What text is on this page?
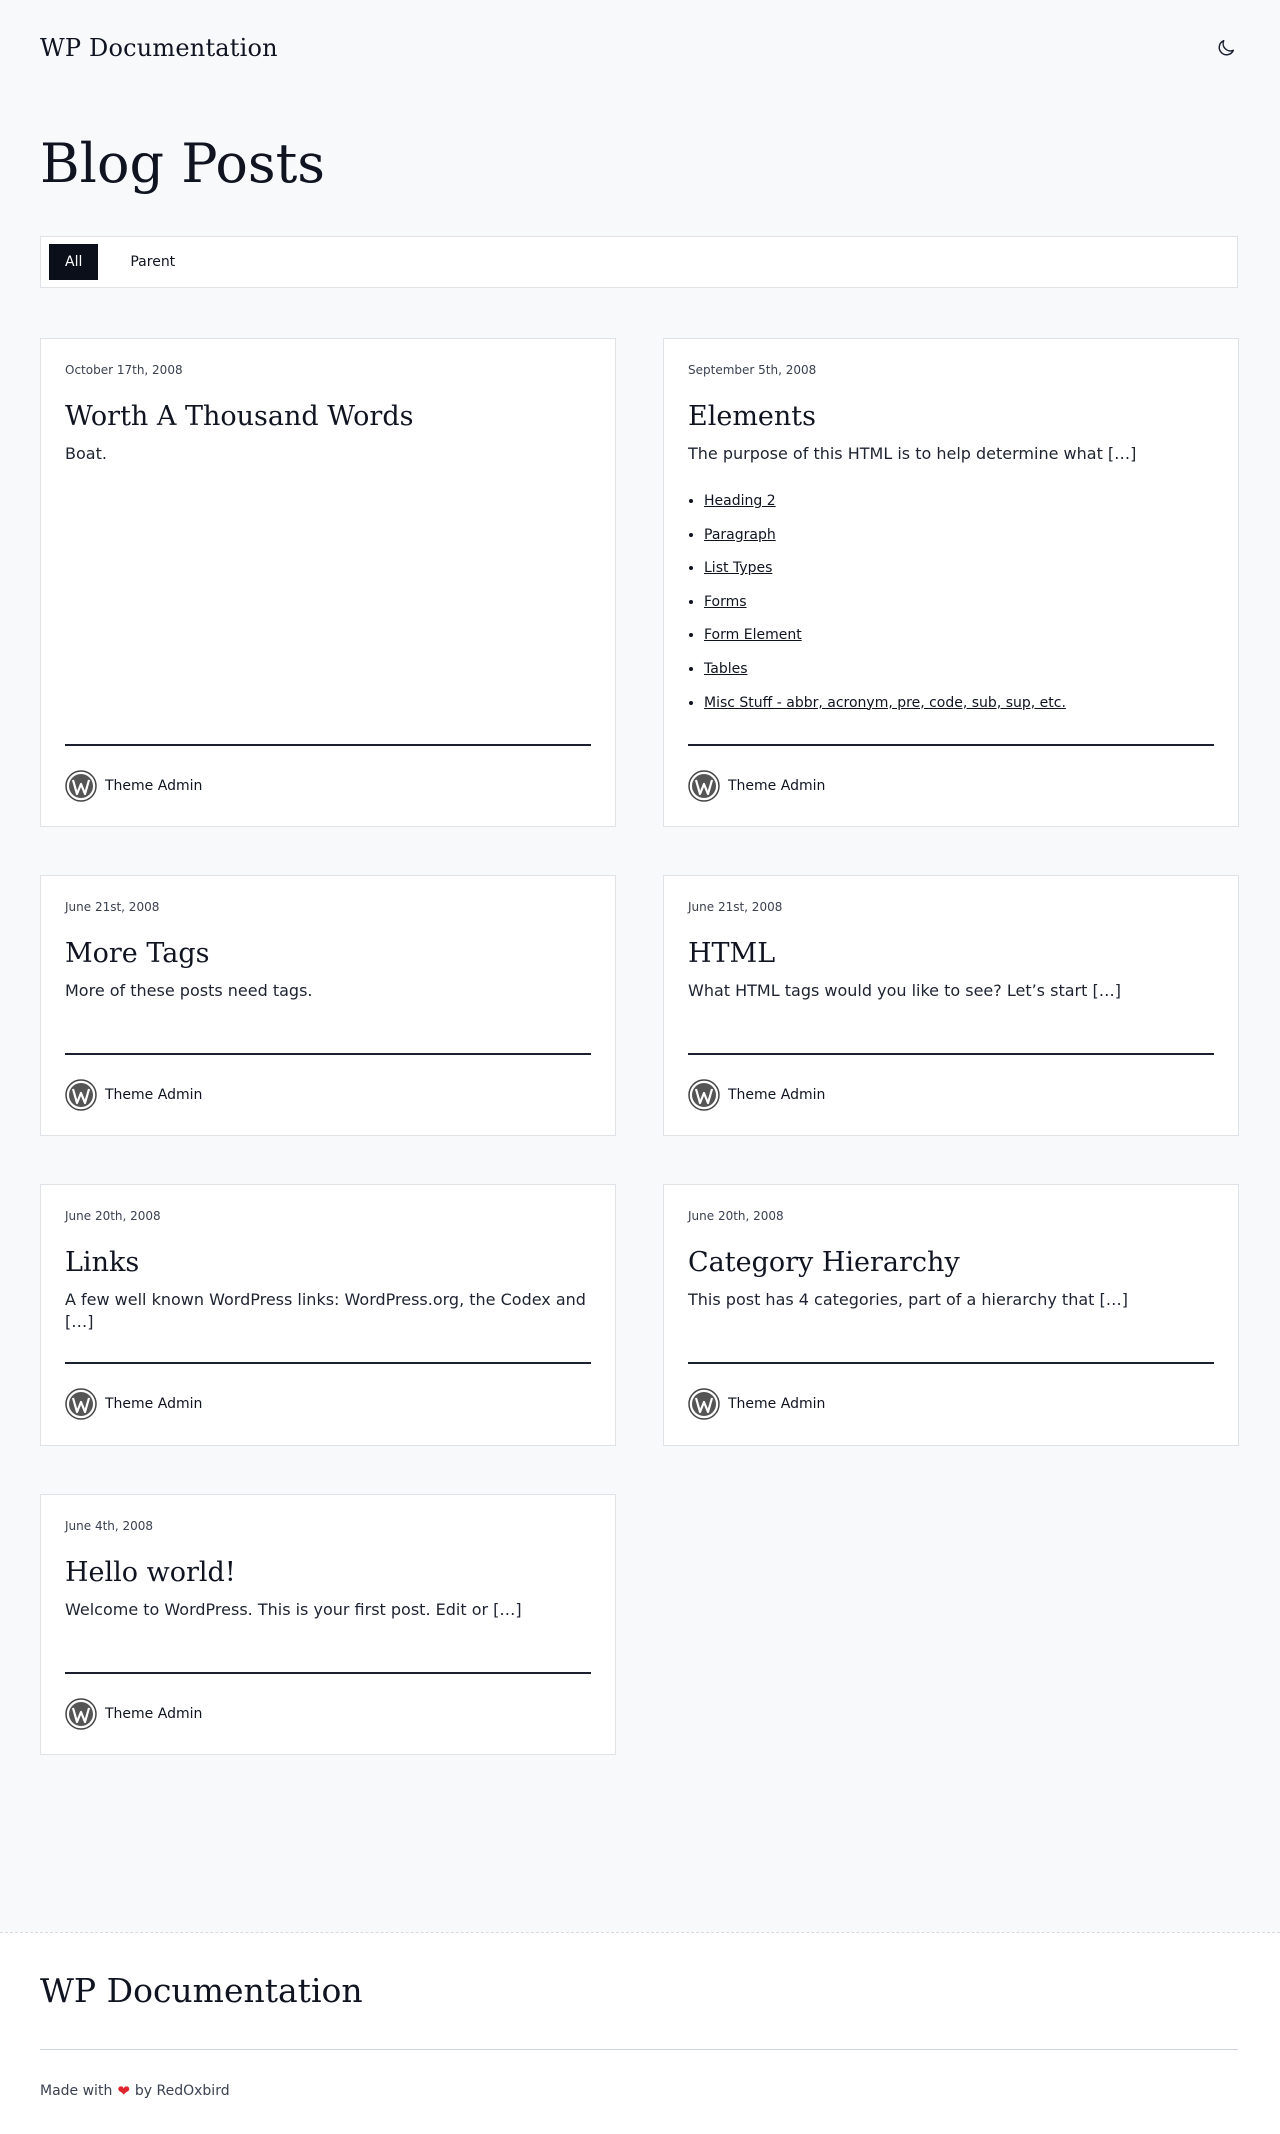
WP Documentation
Blog Posts
All	Parent
October 17th, 2008
Worth A Thousand Words
Boat.
Theme Admin
September 5th, 2008
Elements
The purpose of this HTML is to help determine what […]
• Heading 2
• Paragraph
• List Types
• Forms
• Form Element
• Tables
• Misc Stuff - abbr, acronym, pre, code, sub, sup, etc.
Theme Admin
June 21st, 2008
More Tags
More of these posts need tags.
Theme Admin
June 21st, 2008
HTML
What HTML tags would you like to see? Let’s start […]
Theme Admin
June 20th, 2008
Links
A few well known WordPress links: WordPress.org, the Codex and […]
Theme Admin
June 20th, 2008
Category Hierarchy
This post has 4 categories, part of a hierarchy that […]
Theme Admin
June 4th, 2008
Hello world!
Welcome to WordPress. This is your first post. Edit or […]
Theme Admin
WP Documentation
Made with ❤ by RedOxbird
